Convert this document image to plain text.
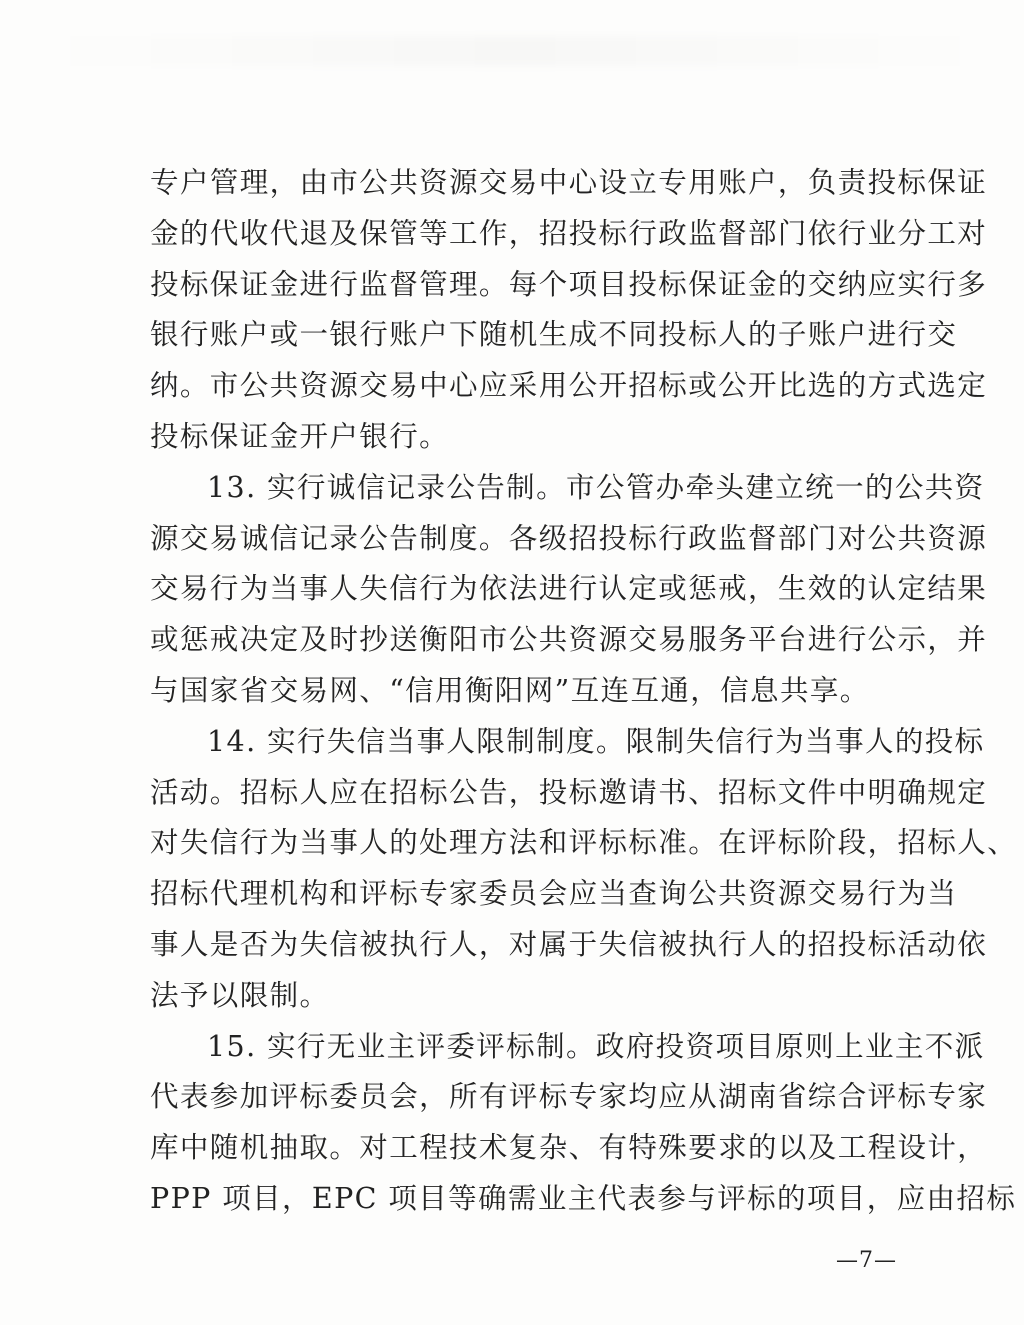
专户管理，由市公共资源交易中心设立专用账户，负责投标保证
金的代收代退及保管等工作，招投标行政监督部门依行业分工对
投标保证金进行监督管理。每个项目投标保证金的交纳应实行多
银行账户或一银行账户下随机生成不同投标人的子账户进行交
纳。市公共资源交易中心应采用公开招标或公开比选的方式选定
投标保证金开户银行。
13. 实行诚信记录公告制。市公管办牵头建立统一的公共资
源交易诚信记录公告制度。各级招投标行政监督部门对公共资源
交易行为当事人失信行为依法进行认定或惩戒，生效的认定结果
或惩戒决定及时抄送衡阳市公共资源交易服务平台进行公示，并
与国家省交易网、“信用衡阳网”互连互通，信息共享。
14. 实行失信当事人限制制度。限制失信行为当事人的投标
活动。招标人应在招标公告，投标邀请书、招标文件中明确规定
对失信行为当事人的处理方法和评标标准。在评标阶段，招标人、
招标代理机构和评标专家委员会应当查询公共资源交易行为当
事人是否为失信被执行人，对属于失信被执行人的招投标活动依
法予以限制。
15. 实行无业主评委评标制。政府投资项目原则上业主不派
代表参加评标委员会，所有评标专家均应从湖南省综合评标专家
库中随机抽取。对工程技术复杂、有特殊要求的以及工程设计，
PPP 项目，EPC 项目等确需业主代表参与评标的项目，应由招标
—7—
